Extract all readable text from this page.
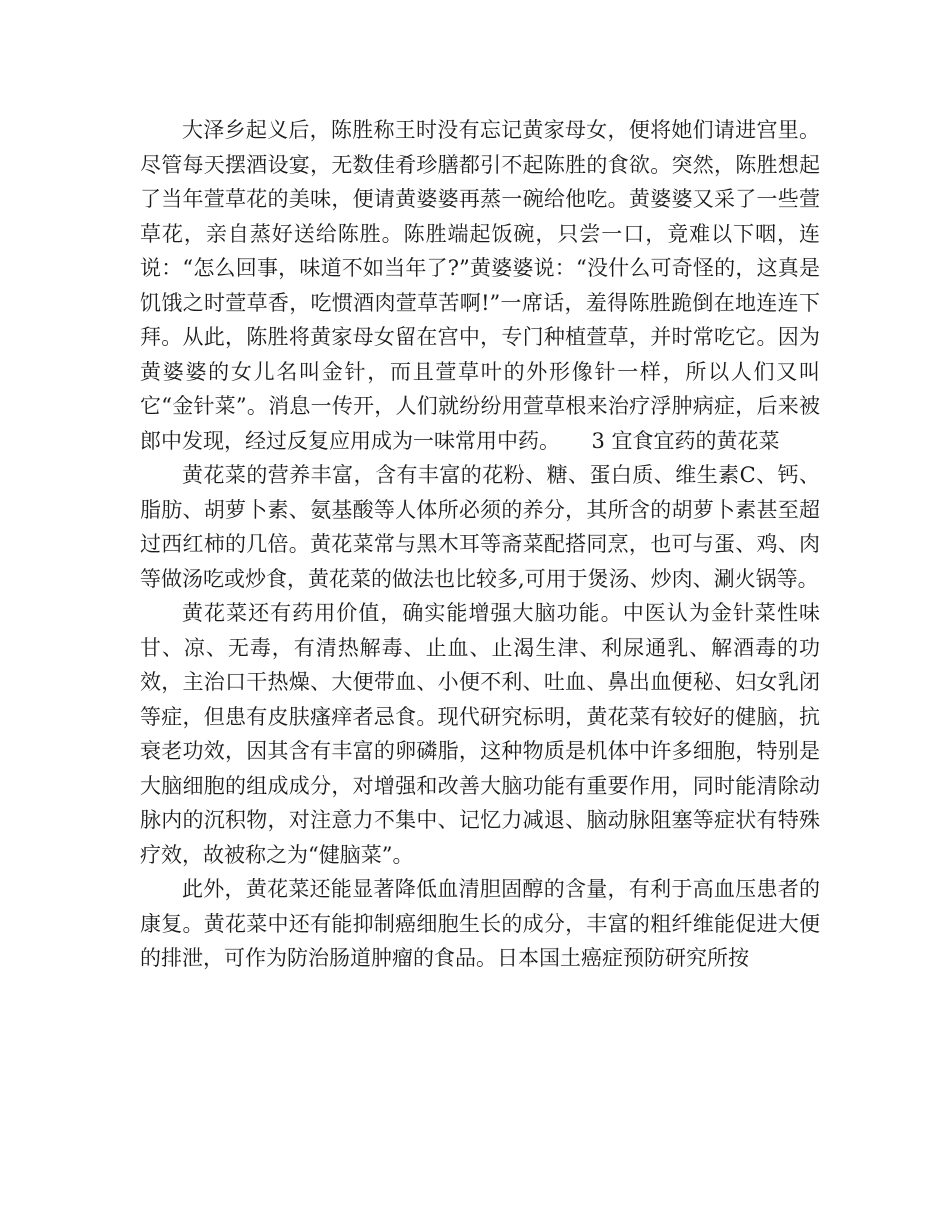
大泽乡起义后，陈胜称王时没有忘记黄家母女，便将她们请进宫里。尽管每天摆酒设宴，无数佳肴珍膳都引不起陈胜的食欲。突然，陈胜想起了当年萱草花的美味，便请黄婆婆再蒸一碗给他吃。黄婆婆又采了一些萱草花，亲自蒸好送给陈胜。陈胜端起饭碗，只尝一口，竟难以下咽，连说：“怎么回事，味道不如当年了?”黄婆婆说：“没什么可奇怪的，这真是饥饿之时萱草香，吃惯酒肉萱草苦啊!”一席话，羞得陈胜跪倒在地连连下拜。从此，陈胜将黄家母女留在宫中，专门种植萱草，并时常吃它。因为黄婆婆的女儿名叫金针，而且萱草叶的外形像针一样，所以人们又叫它“金针菜”。消息一传开，人们就纷纷用萱草根来治疗浮肿病症，后来被郎中发现，经过反复应用成为一味常用中药。　　3 宜食宜药的黄花菜

黄花菜的营养丰富，含有丰富的花粉、糖、蛋白质、维生素C、钙、脂肪、胡萝卜素、氨基酸等人体所必须的养分，其所含的胡萝卜素甚至超过西红柿的几倍。黄花菜常与黑木耳等斋菜配搭同烹，也可与蛋、鸡、肉等做汤吃或炒食，黄花菜的做法也比较多,可用于煲汤、炒肉、涮火锅等。

黄花菜还有药用价值，确实能增强大脑功能。中医认为金针菜性味甘、凉、无毒，有清热解毒、止血、止渴生津、利尿通乳、解酒毒的功效，主治口干热燥、大便带血、小便不利、吐血、鼻出血便秘、妇女乳闭等症，但患有皮肤瘙痒者忌食。现代研究标明，黄花菜有较好的健脑，抗衰老功效，因其含有丰富的卵磷脂，这种物质是机体中许多细胞，特别是大脑细胞的组成成分，对增强和改善大脑功能有重要作用，同时能清除动脉内的沉积物，对注意力不集中、记忆力减退、脑动脉阻塞等症状有特殊疗效，故被称之为“健脑菜”。

此外，黄花菜还能显著降低血清胆固醇的含量，有利于高血压患者的康复。黄花菜中还有能抑制癌细胞生长的成分，丰富的粗纤维能促进大便的排泄，可作为防治肠道肿瘤的食品。日本国土癌症预防研究所按
